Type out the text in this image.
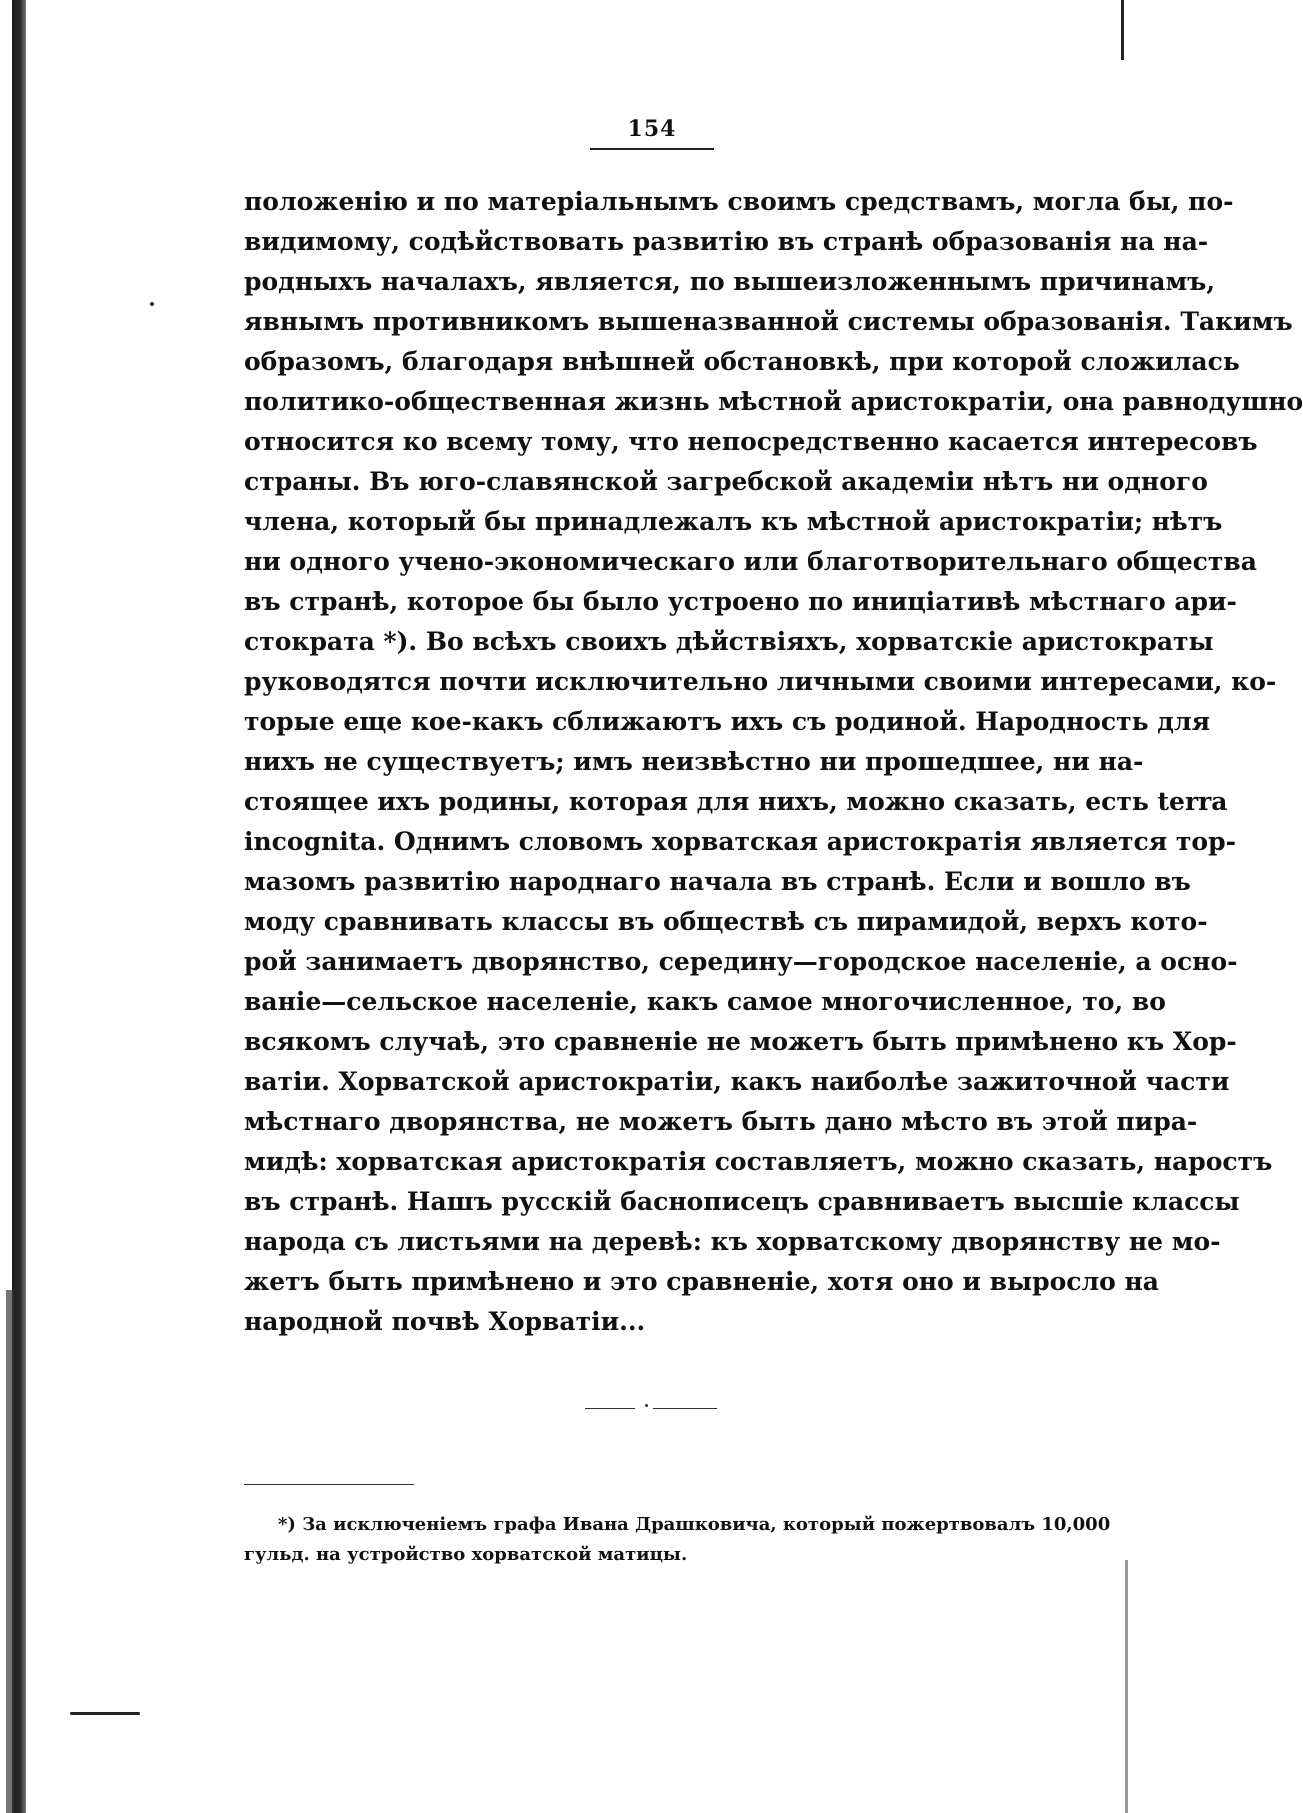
154
положенію и по матеріальнымъ своимъ средствамъ, могла бы, по-
видимому, содѣйствовать развитію въ странѣ образованія на на-
родныхъ началахъ, является, по вышеизложеннымъ причинамъ,
явнымъ противникомъ вышеназванной системы образованія. Такимъ
образомъ, благодаря внѣшней обстановкѣ, при которой сложилась
политико-общественная жизнь мѣстной аристократіи, она равнодушно
относится ко всему тому, что непосредственно касается интересовъ
страны. Въ юго-славянской загребской академіи нѣтъ ни одного
члена, который бы принадлежалъ къ мѣстной аристократіи; нѣтъ
ни одного учено-экономическаго или благотворительнаго общества
въ странѣ, которое бы было устроено по иниціативѣ мѣстнаго ари-
стократа *). Во всѣхъ своихъ дѣйствіяхъ, хорватскіе аристократы
руководятся почти исключительно личными своими интересами, ко-
торые еще кое-какъ сближаютъ ихъ съ родиной. Народность для
нихъ не существуетъ; имъ неизвѣстно ни прошедшее, ни на-
стоящее ихъ родины, которая для нихъ, можно сказать, есть terra
incognita. Однимъ словомъ хорватская аристократія является тор-
мазомъ развитію народнаго начала въ странѣ. Если и вошло въ
моду сравнивать классы въ обществѣ съ пирамидой, верхъ кото-
рой занимаетъ дворянство, середину—городское населеніе, а осно-
ваніе—сельское населеніе, какъ самое многочисленное, то, во
всякомъ случаѣ, это сравненіе не можетъ быть примѣнено къ Хор-
ватіи. Хорватской аристократіи, какъ наиболѣе зажиточной части
мѣстнаго дворянства, не можетъ быть дано мѣсто въ этой пира-
мидѣ: хорватская аристократія составляетъ, можно сказать, наростъ
въ странѣ. Нашъ русскій баснописецъ сравниваетъ высшіе классы
народа съ листьями на деревѣ: къ хорватскому дворянству не мо-
жетъ быть примѣнено и это сравненіе, хотя оно и выросло на
народной почвѣ Хорватіи...
*) За исключеніемъ графа Ивана Драшковича, который пожертвовалъ 10,000
гульд. на устройство хорватской матицы.
